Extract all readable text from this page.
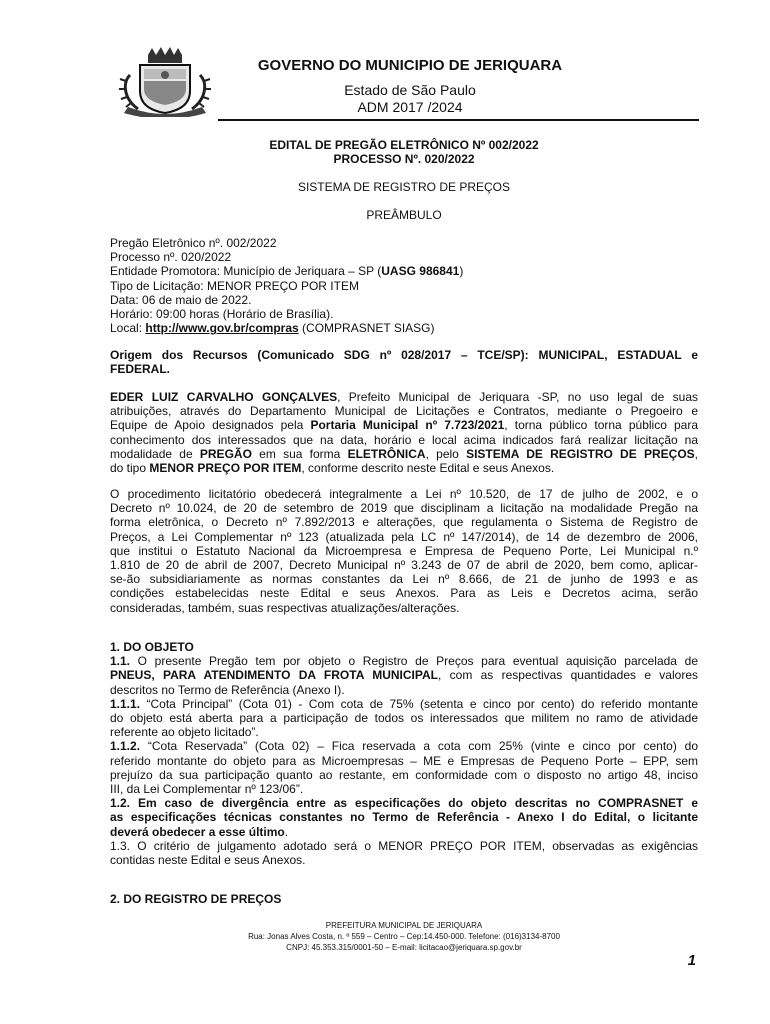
GOVERNO DO MUNICIPIO DE JERIQUARA
Estado de São Paulo
ADM 2017 /2024
EDITAL DE PREGÃO ELETRÔNICO Nº 002/2022
PROCESSO Nº. 020/2022
SISTEMA DE REGISTRO DE PREÇOS
PREÂMBULO
Pregão Eletrônico nº. 002/2022
Processo nº. 020/2022
Entidade Promotora: Município de Jeriquara – SP (UASG 986841)
Tipo de Licitação: MENOR PREÇO POR ITEM
Data: 06 de maio de 2022.
Horário: 09:00 horas (Horário de Brasília).
Local: http://www.gov.br/compras (COMPRASNET SIASG)
Origem dos Recursos (Comunicado SDG nº 028/2017 – TCE/SP): MUNICIPAL, ESTADUAL e
FEDERAL.
EDER LUIZ CARVALHO GONÇALVES, Prefeito Municipal de Jeriquara -SP, no uso legal de suas
atribuições, através do Departamento Municipal de Licitações e Contratos, mediante o Pregoeiro e
Equipe de Apoio designados pela Portaria Municipal nº 7.723/2021, torna público torna público para
conhecimento dos interessados que na data, horário e local acima indicados fará realizar licitação na
modalidade de PREGÃO em sua forma ELETRÔNICA, pelo SISTEMA DE REGISTRO DE PREÇOS,
do tipo MENOR PREÇO POR ITEM, conforme descrito neste Edital e seus Anexos.
O procedimento licitatório obedecerá integralmente a Lei nº 10.520, de 17 de julho de 2002, e o
Decreto nº 10.024, de 20 de setembro de 2019 que disciplinam a licitação na modalidade Pregão na
forma eletrônica, o Decreto nº 7.892/2013 e alterações, que regulamenta o Sistema de Registro de
Preços, a Lei Complementar nº 123 (atualizada pela LC nº 147/2014), de 14 de dezembro de 2006,
que institui o Estatuto Nacional da Microempresa e Empresa de Pequeno Porte, Lei Municipal n.º
1.810 de 20 de abril de 2007, Decreto Municipal nº 3.243 de 07 de abril de 2020, bem como, aplicar-
se-ão subsidiariamente as normas constantes da Lei nº 8.666, de 21 de junho de 1993 e as
condições estabelecidas neste Edital e seus Anexos. Para as Leis e Decretos acima, serão
consideradas, também, suas respectivas atualizações/alterações.
1. DO OBJETO
1.1. O presente Pregão tem por objeto o Registro de Preços para eventual aquisição parcelada de
PNEUS, PARA ATENDIMENTO DA FROTA MUNICIPAL, com as respectivas quantidades e valores
descritos no Termo de Referência (Anexo I).
1.1.1. “Cota Principal” (Cota 01) - Com cota de 75% (setenta e cinco por cento) do referido montante
do objeto está aberta para a participação de todos os interessados que militem no ramo de atividade
referente ao objeto licitado”.
1.1.2. “Cota Reservada” (Cota 02) – Fica reservada a cota com 25% (vinte e cinco por cento) do
referido montante do objeto para as Microempresas – ME e Empresas de Pequeno Porte – EPP, sem
prejuízo da sua participação quanto ao restante, em conformidade com o disposto no artigo 48, inciso
III, da Lei Complementar nº 123/06”.
1.2. Em caso de divergência entre as especificações do objeto descritas no COMPRASNET e
as especificações técnicas constantes no Termo de Referência - Anexo I do Edital, o licitante
deverá obedecer a esse último.
1.3. O critério de julgamento adotado será o MENOR PREÇO POR ITEM, observadas as exigências
contidas neste Edital e seus Anexos.
2. DO REGISTRO DE PREÇOS
PREFEITURA MUNICIPAL DE JERIQUARA
Rua: Jonas Alves Costa, n. º 559 – Centro – Cep:14.450-000. Telefone: (016)3134-8700
CNPJ: 45.353.315/0001-50 – E-mail: licitacao@jeriquara.sp.gov.br
1
